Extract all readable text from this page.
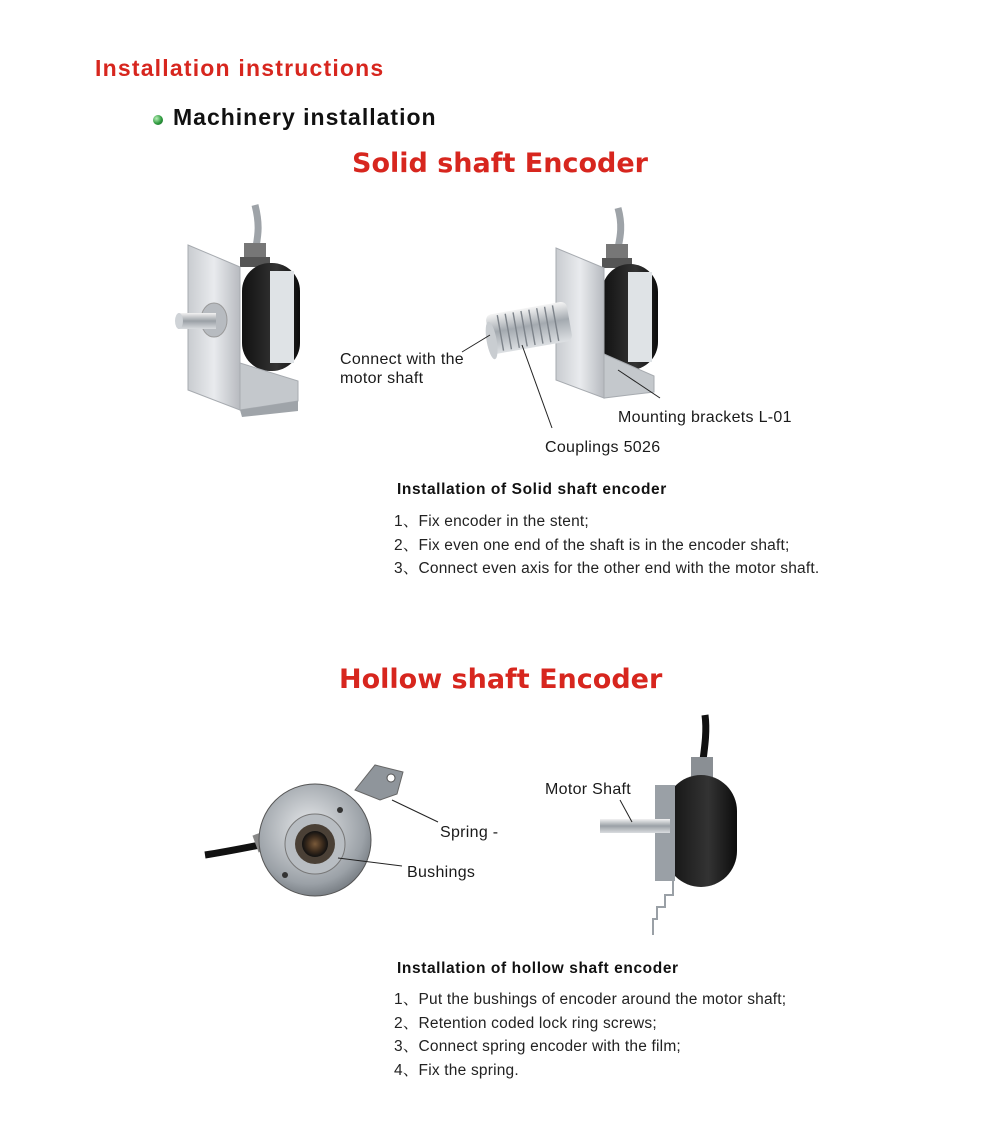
Installation instructions
Machinery installation
Solid shaft Encoder
Connect with the
motor shaft
Mounting brackets L-01
Couplings 5026
Installation of Solid shaft encoder
1、Fix encoder in the stent;
2、Fix even one end of the shaft is in the encoder shaft;
3、Connect even axis for the other end with the motor shaft.
Hollow shaft Encoder
Spring -
Bushings
Motor Shaft
Installation of hollow shaft encoder
1、Put the bushings of encoder around the motor shaft;
2、Retention coded lock ring screws;
3、Connect spring encoder with the film;
4、Fix the spring.
